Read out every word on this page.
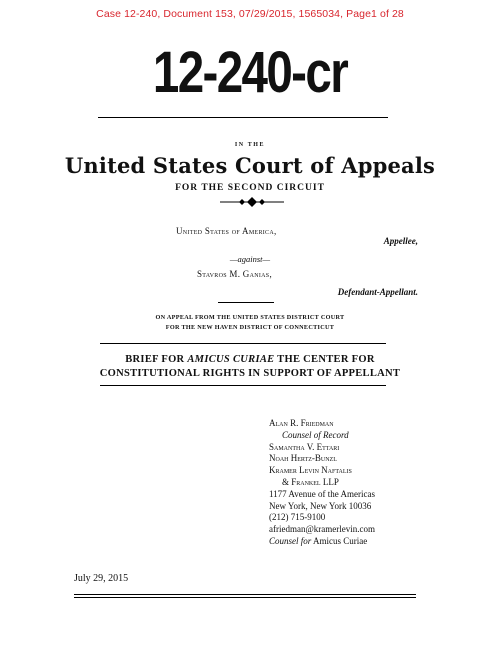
Case 12-240, Document 153, 07/29/2015, 1565034, Page1 of 28
12-240-cr
IN THE
United States Court of Appeals
FOR THE SECOND CIRCUIT
United States of America,
Appellee,
—against—
Stavros M. Ganias,
Defendant-Appellant.
ON APPEAL FROM THE UNITED STATES DISTRICT COURT
FOR THE NEW HAVEN DISTRICT OF CONNECTICUT
BRIEF FOR AMICUS CURIAE THE CENTER FOR
CONSTITUTIONAL RIGHTS IN SUPPORT OF APPELLANT
Alan R. Friedman
Counsel of Record
Samantha V. Ettari
Noah Hertz-Bunzl
Kramer Levin Naftalis
& Frankel LLP
1177 Avenue of the Americas
New York, New York 10036
(212) 715-9100
afriedman@kramerlevin.com
Counsel for Amicus Curiae
July 29, 2015
